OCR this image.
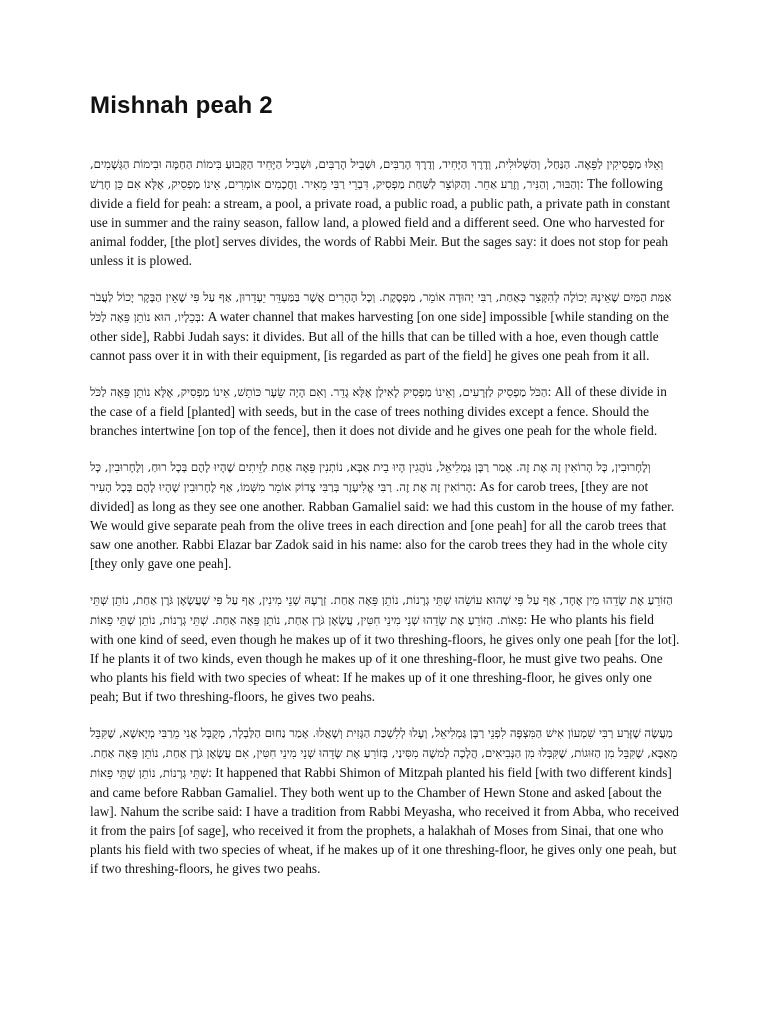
Mishnah peah 2

וְאֵלּוּ מַפְסִיקִין לַפֵּאָה. הַנַּחַל, וְהַשְּׁלוּלִית, וְדֶרֶךְ הַיָּחִיד, וְדֶרֶךְ הָרַבִּים, וּשְׁבִיל הָרַבִּים, וּשְׁבִיל הַיָּחִיד הַקָּבוּעַ בִּימוֹת הַחַמָּה וּבִימוֹת הַגְּשָׁמִים, וְהַבּוּר, וְהַנִּיר, וְזֶרַע אַחֵר. וְהַקּוֹצֵר לַשַּׁחַת מַפְסִיק, דִּבְרֵי רַבִּי מֵאִיר. וַחֲכָמִים אוֹמְרִים, אֵינוֹ מַפְסִיק, אֶלָּא אִם כֵּן חָרַשׁ: The following divide a field for peah: a stream, a pool, a private road, a public road, a public path, a private path in constant use in summer and the rainy season, fallow land, a plowed field and a different seed. One who harvested for animal fodder, [the plot] serves divides, the words of Rabbi Meir. But the sages say: it does not stop for peah unless it is plowed.

אַמַּת הַמַּיִם שֶׁאֵינָהּ יְכוֹלָה לְהִקָּצֵר כְּאַחַת, רַבִּי יְהוּדָה אוֹמֵר, מַפְסֶקֶת. וְכָל הֶהָרִים אֲשֶׁר בַּמַּעְדֵּר יֵעָדֵרוּן, אַף עַל פִּי שֶׁאֵין הַבָּקָר יָכוֹל לַעֲבֹר בְּכֵלָיו, הוּא נוֹתֵן פֵּאָה לַכֹּל: A water channel that makes harvesting [on one side] impossible [while standing on the other side], Rabbi Judah says: it divides. But all of the hills that can be tilled with a hoe, even though cattle cannot pass over it in with their equipment, [is regarded as part of the field] he gives one peah from it all.

הַכֹּל מַפְסִיק לַזְּרָעִים, וְאֵינוֹ מַפְסִיק לָאִילָן אֶלָּא גָדֵר. וְאִם הָיָה שֵׂעָר כּוֹתֵשׁ, אֵינוֹ מַפְסִיק, אֶלָּא נוֹתֵן פֵּאָה לַכֹּל: All of these divide in the case of a field [planted] with seeds, but in the case of trees nothing divides except a fence. Should the branches intertwine [on top of the fence], then it does not divide and he gives one peah for the whole field.

וְלֶחָרוּבִין, כָּל הָרוֹאִין זֶה אֶת זֶה. אָמַר רַבָּן גַּמְלִיאֵל, נוֹהֲגִין הָיוּ בֵית אַבָּא, נוֹתְנִין פֵּאָה אַחַת לַזֵּיתִים שֶׁהָיוּ לָהֶם בְּכָל רוּחַ, וְלֶחָרוּבִין, כָּל הָרוֹאִין זֶה אֶת זֶה. רַבִּי אֱלִיעֶזֶר בְּרַבִּי צָדוֹק אוֹמֵר מִשְּׁמוֹ, אַף לֶחָרוּבִין שֶׁהָיוּ לָהֶם בְּכָל הָעִיר: As for carob trees, [they are not divided] as long as they see one another. Rabban Gamaliel said: we had this custom in the house of my father. We would give separate peah from the olive trees in each direction and [one peah] for all the carob trees that saw one another. Rabbi Elazar bar Zadok said in his name: also for the carob trees they had in the whole city [they only gave one peah].

הַזּוֹרֵעַ אֶת שָׂדֵהוּ מִין אֶחָד, אַף עַל פִּי שֶׁהוּא עוֹשֵׂהוּ שְׁתֵּי גְרָנוֹת, נוֹתֵן פֵּאָה אַחַת. זְרָעָהּ שְׁנֵי מִינִין, אַף עַל פִּי שֶׁעֲשָׂאָן גֹּרֶן אַחַת, נוֹתֵן שְׁתֵּי פֵאוֹת. הַזּוֹרֵעַ אֶת שָׂדֵהוּ שְׁנֵי מִינֵי חִטִּין, עֲשָׂאָן גֹּרֶן אַחַת, נוֹתֵן פֵּאָה אַחַת. שְׁתֵּי גְרָנוֹת, נוֹתֵן שְׁתֵּי פֵאוֹת: He who plants his field with one kind of seed, even though he makes up of it two threshing-floors, he gives only one peah [for the lot]. If he plants it of two kinds, even though he makes up of it one threshing-floor, he must give two peahs. One who plants his field with two species of wheat: If he makes up of it one threshing-floor, he gives only one peah; But if two threshing-floors, he gives two peahs.

מַעֲשֶׂה שֶׁזָּרַע רַבִּי שִׁמְעוֹן אִישׁ הַמִּצְפָּה לִפְנֵי רַבָּן גַּמְלִיאֵל, וְעָלוּ לְלִשְׁכַּת הַגָּזִית וְשָׁאֲלוּ. אָמַר נַחוּם הַלַּבְלָר, מְקֻבָּל אֲנִי מֵרַבִּי מְיָאשָׁא, שֶׁקִּבֵּל מֵאַבָּא, שֶׁקִּבֵּל מִן הַזּוּגוֹת, שֶׁקִּבְּלוּ מִן הַנְּבִיאִים, הֲלָכָה לְמשֶׁה מִסִּינַי, בְּזוֹרֵעַ אֶת שָׂדֵהוּ שְׁנֵי מִינֵי חִטִּין, אִם עֲשָׂאָן גֹּרֶן אַחַת, נוֹתֵן פֵּאָה אַחַת. שְׁתֵּי גְרָנוֹת, נוֹתֵן שְׁתֵּי פֵאוֹת: It happened that Rabbi Shimon of Mitzpah planted his field [with two different kinds] and came before Rabban Gamaliel. They both went up to the Chamber of Hewn Stone and asked [about the law]. Nahum the scribe said: I have a tradition from Rabbi Meyasha, who received it from Abba, who received it from the pairs [of sage], who received it from the prophets, a halakhah of Moses from Sinai, that one who plants his field with two species of wheat, if he makes up of it one threshing-floor, he gives only one peah, but if two threshing-floors, he gives two peahs.
